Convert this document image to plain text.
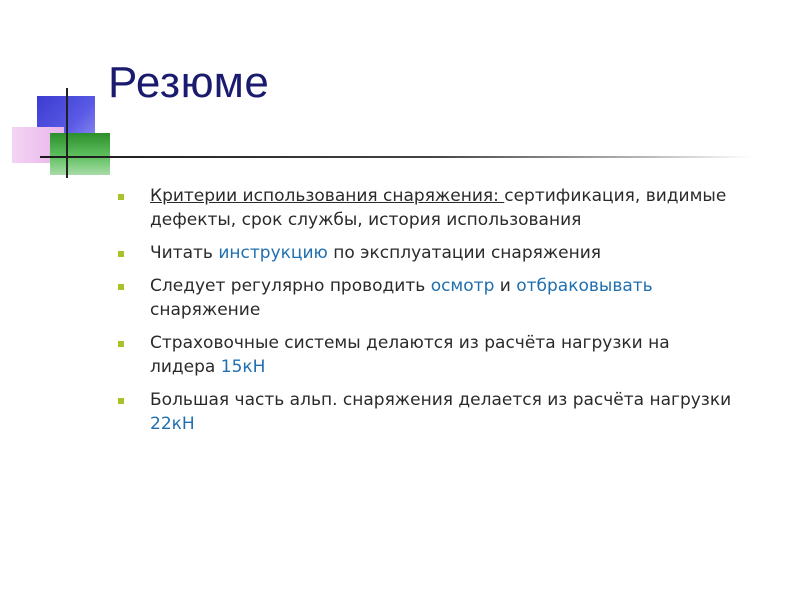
Резюме
Критерии использования снаряжения: сертификация, видимые дефекты, срок службы, история использования
Читать инструкцию по эксплуатации снаряжения
Следует регулярно проводить осмотр и отбраковывать снаряжение
Страховочные системы делаются из расчёта нагрузки на лидера 15кН
Большая часть альп. снаряжения делается из расчёта нагрузки 22кН
